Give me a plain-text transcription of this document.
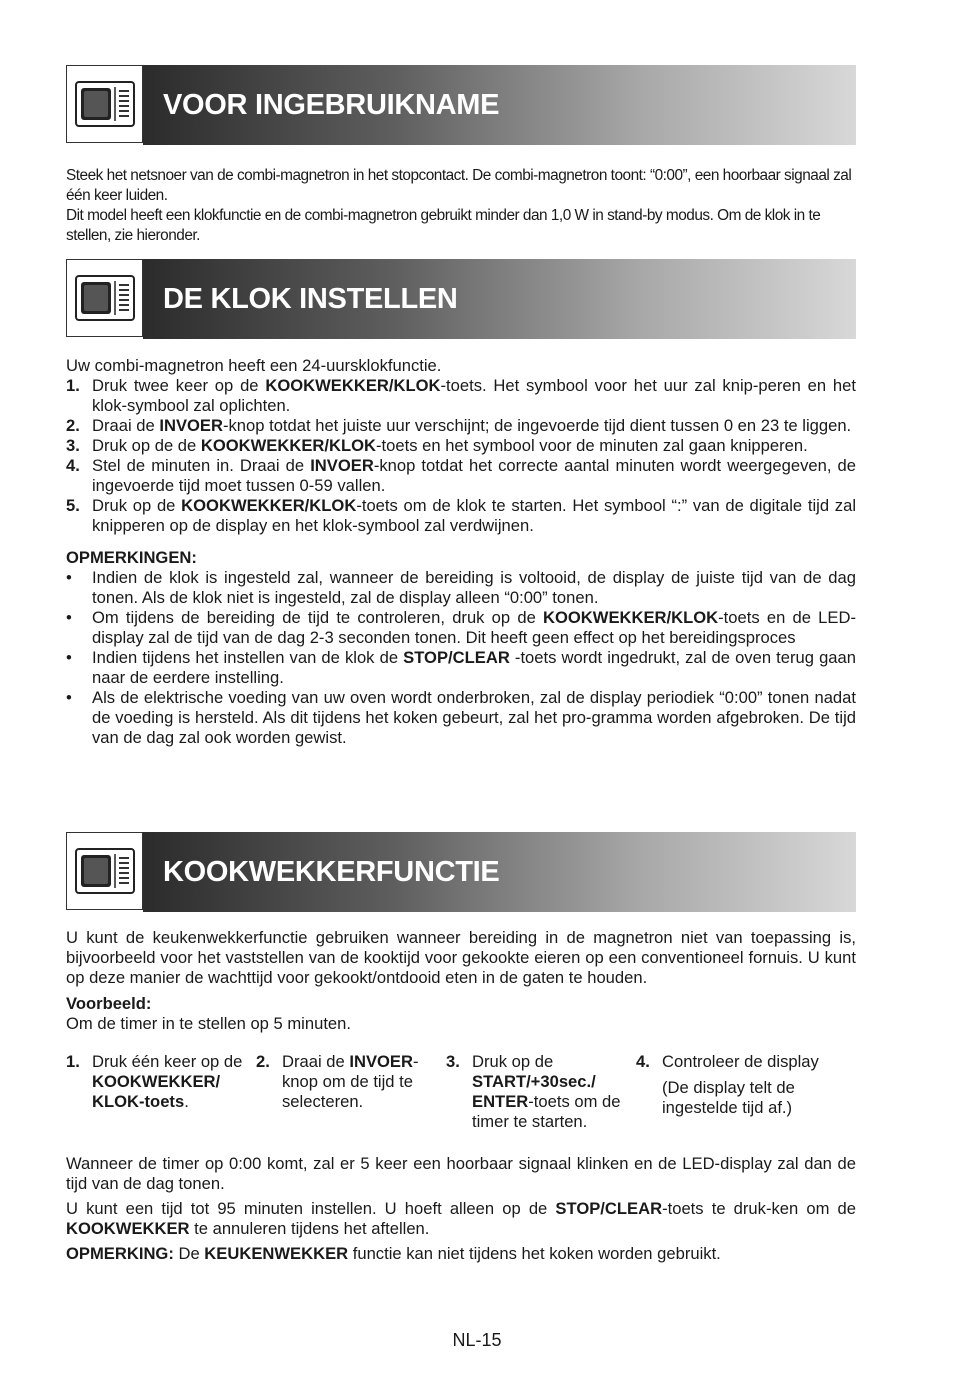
VOOR INGEBRUIKNAME

Steek het netsnoer van de combi-magnetron in het stopcontact. De combi-magnetron toont: “0:00”, een hoorbaar signaal zal één keer luiden.

Dit model heeft een klokfunctie en de combi-magnetron gebruikt minder dan 1,0 W in stand-by modus. Om de klok in te stellen, zie hieronder.

DE KLOK INSTELLEN

Uw combi-magnetron heeft een 24-uursklokfunctie.

1. Druk twee keer op de KOOKWEKKER/KLOK-toets. Het symbool voor het uur zal knip-peren en het klok-symbool zal oplichten.
2. Draai de INVOER-knop totdat het juiste uur verschijnt; de ingevoerde tijd dient tussen 0 en 23 te liggen.
3. Druk op de de KOOKWEKKER/KLOK-toets en het symbool voor de minuten zal gaan knipperen.
4. Stel de minuten in. Draai de INVOER-knop totdat het correcte aantal minuten wordt weergegeven, de ingevoerde tijd moet tussen 0-59 vallen.
5. Druk op de KOOKWEKKER/KLOK-toets om de klok te starten. Het symbool “:” van de digitale tijd zal knipperen op de display en het klok-symbool zal verdwijnen.

OPMERKINGEN:

• Indien de klok is ingesteld zal, wanneer de bereiding is voltooid, de display de juiste tijd van de dag tonen. Als de klok niet is ingesteld, zal de display alleen “0:00” tonen.
• Om tijdens de bereiding de tijd te controleren, druk op de KOOKWEKKER/KLOK-toets en de LED-display zal de tijd van de dag 2-3 seconden tonen. Dit heeft geen effect op het bereidingsproces
• Indien tijdens het instellen van de klok de STOP/CLEAR -toets wordt ingedrukt, zal de oven terug gaan naar de eerdere instelling.
• Als de elektrische voeding van uw oven wordt onderbroken, zal de display periodiek “0:00” tonen nadat de voeding is hersteld. Als dit tijdens het koken gebeurt, zal het pro-gramma worden afgebroken. De tijd van de dag zal ook worden gewist.
KOOKWEKKERFUNCTIE

U kunt de keukenwekkerfunctie gebruiken wanneer bereiding in de magnetron niet van toepassing is, bijvoorbeeld voor het vaststellen van de kooktijd voor gekookte eieren op een conventioneel fornuis. U kunt op deze manier de wachttijd voor gekookt/ontdooid eten in de gaten te houden.

Voorbeeld:

Om de timer in te stellen op 5 minuten.

1. Druk één keer op de KOOKWEKKER/ KLOK-toets.
2. Draai de INVOER-knop om de tijd te selecteren.
3. Druk op de START/+30sec./ ENTER-toets om de timer te starten.
4. Controleer de display
(De display telt de ingestelde tijd af.)

Wanneer de timer op 0:00 komt, zal er 5 keer een hoorbaar signaal klinken en de LED-display zal dan de tijd van de dag tonen.

U kunt een tijd tot 95 minuten instellen. U hoeft alleen op de STOP/CLEAR-toets te druk-ken om de KOOKWEKKER te annuleren tijdens het aftellen.

OPMERKING: De KEUKENWEKKER functie kan niet tijdens het koken worden gebruikt.

NL-15
